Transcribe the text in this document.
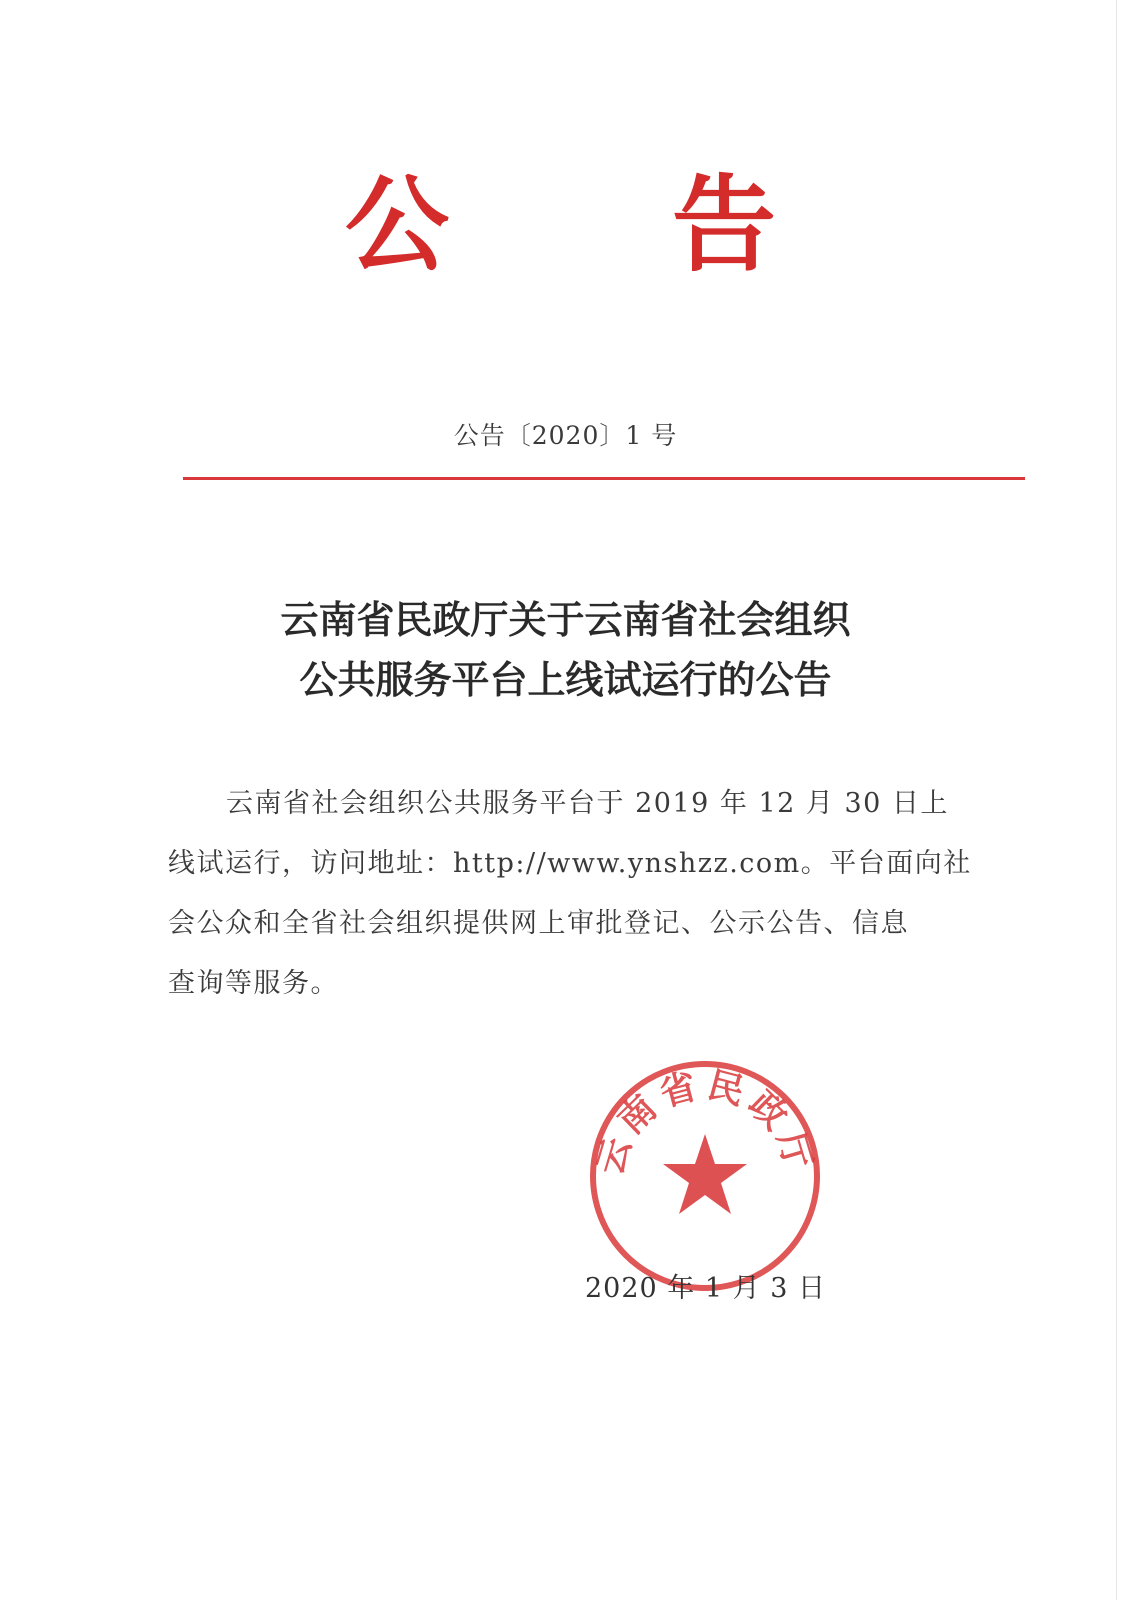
公 告
公告〔2020〕1 号
云南省民政厅关于云南省社会组织
公共服务平台上线试运行的公告
云南省社会组织公共服务平台于 2019 年 12 月 30 日上
线试运行，访问地址：http://www.ynshzz.com。平台面向社
会公众和全省社会组织提供网上审批登记、公示公告、信息
查询等服务。
云南省民政厅
2020 年 1 月 3 日
